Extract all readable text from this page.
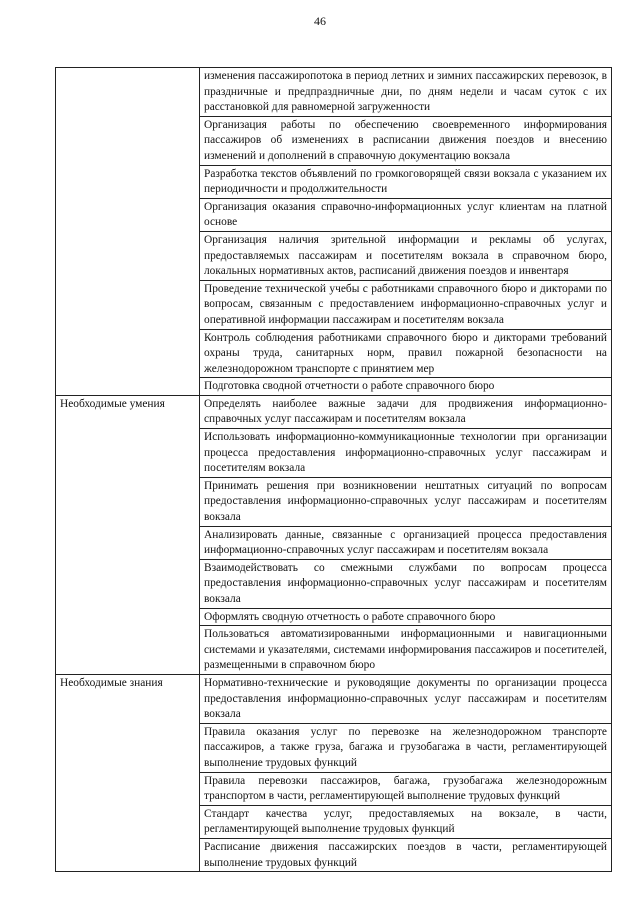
46
	изменения пассажиропотока в период летних и зимних пассажирских перевозок, в праздничные и предпраздничные дни, по дням недели и часам суток с их расстановкой для равномерной загруженности
	Организация работы по обеспечению своевременного информирования пассажиров об изменениях в расписании движения поездов и внесению изменений и дополнений в справочную документацию вокзала
	Разработка текстов объявлений по громкоговорящей связи вокзала с указанием их периодичности и продолжительности
	Организация оказания справочно-информационных услуг клиентам на платной основе
	Организация наличия зрительной информации и рекламы об услугах, предоставляемых пассажирам и посетителям вокзала в справочном бюро, локальных нормативных актов, расписаний движения поездов и инвентаря
	Проведение технической учебы с работниками справочного бюро и дикторами по вопросам, связанным с предоставлением информационно-справочных услуг и оперативной информации пассажирам и посетителям вокзала
	Контроль соблюдения работниками справочного бюро и дикторами требований охраны труда, санитарных норм, правил пожарной безопасности на железнодорожном транспорте с принятием мер
	Подготовка сводной отчетности о работе справочного бюро
Необходимые умения	Определять наиболее важные задачи для продвижения информационно-справочных услуг пассажирам и посетителям вокзала
	Использовать информационно-коммуникационные технологии при организации процесса предоставления информационно-справочных услуг пассажирам и посетителям вокзала
	Принимать решения при возникновении нештатных ситуаций по вопросам предоставления информационно-справочных услуг пассажирам и посетителям вокзала
	Анализировать данные, связанные с организацией процесса предоставления информационно-справочных услуг пассажирам и посетителям вокзала
	Взаимодействовать со смежными службами по вопросам процесса предоставления информационно-справочных услуг пассажирам и посетителям вокзала
	Оформлять сводную отчетность о работе справочного бюро
	Пользоваться автоматизированными информационными и навигационными системами и указателями, системами информирования пассажиров и посетителей, размещенными в справочном бюро
Необходимые знания	Нормативно-технические и руководящие документы по организации процесса предоставления информационно-справочных услуг пассажирам и посетителям вокзала
	Правила оказания услуг по перевозке на железнодорожном транспорте пассажиров, а также груза, багажа и грузобагажа в части, регламентирующей выполнение трудовых функций
	Правила перевозки пассажиров, багажа, грузобагажа железнодорожным транспортом в части, регламентирующей выполнение трудовых функций
	Стандарт качества услуг, предоставляемых на вокзале, в части, регламентирующей выполнение трудовых функций
	Расписание движения пассажирских поездов в части, регламентирующей выполнение трудовых функций
